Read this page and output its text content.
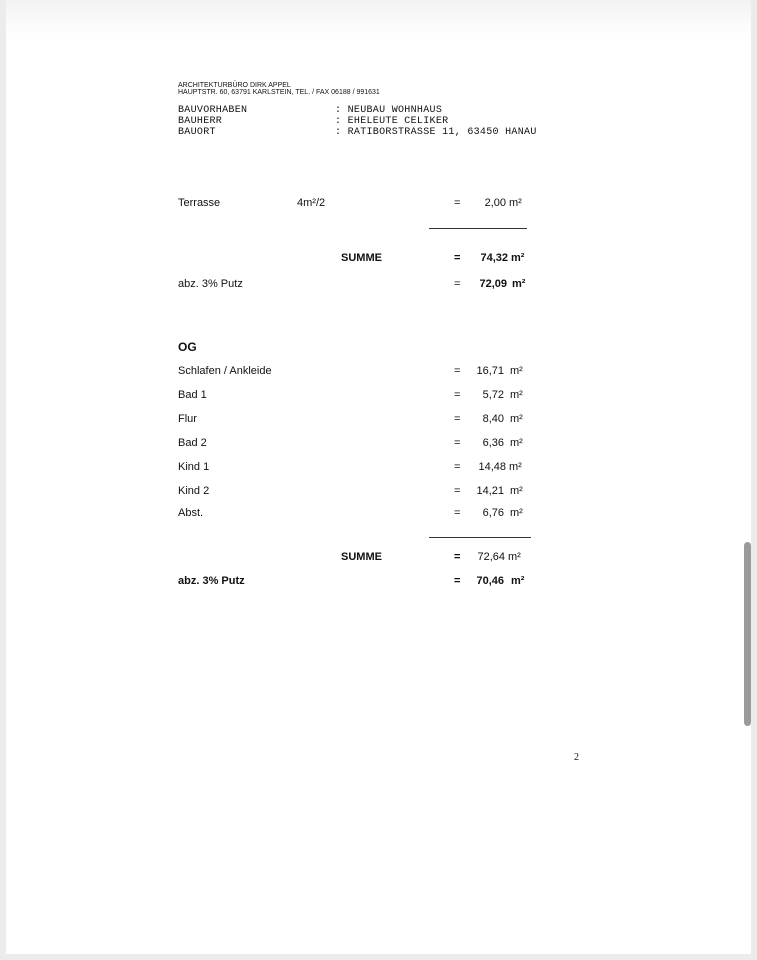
ARCHITEKTURBÜRO DIRK APPEL
HAUPTSTR. 60, 63791 KARLSTEIN, TEL. / FAX 06188 / 991631
BAUVORHABEN	: NEUBAU WOHNHAUS
BAUHERR	: EHELEUTE CELIKER
BAUORT	: RATIBORSTRASSE 11, 63450 HANAU
Terrasse	4m²/2	=	2,00 m²
SUMME	=	74,32 m²
abz. 3% Putz	=	72,09 m²
OG
Schlafen / Ankleide	=	16,71 m²
Bad 1	=	5,72 m²
Flur	=	8,40 m²
Bad 2	=	6,36 m²
Kind 1	=	14,48 m²
Kind 2	=	14,21 m²
Abst.	=	6,76 m²
SUMME	=	72,64 m²
abz. 3% Putz	=	70,46 m²
2
